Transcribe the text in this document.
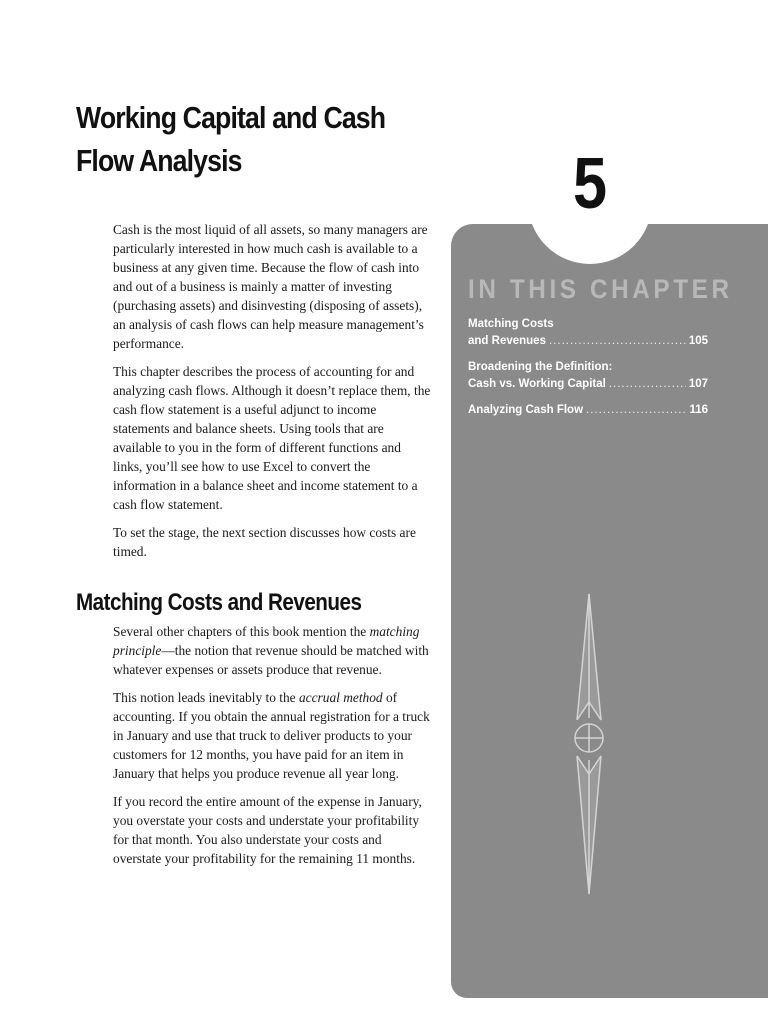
Working Capital and Cash
Flow Analysis

Cash is the most liquid of all assets, so many managers are particularly interested in how much cash is available to a business at any given time. Because the flow of cash into and out of a business is mainly a matter of investing (purchasing assets) and disinvesting (disposing of assets), an analysis of cash flows can help measure management’s performance.

This chapter describes the process of accounting for and analyzing cash flows. Although it doesn’t replace them, the cash flow statement is a useful adjunct to income statements and balance sheets. Using tools that are available to you in the form of different functions and links, you’ll see how to use Excel to convert the information in a balance sheet and income statement to a cash flow statement.

To set the stage, the next section discusses how costs are timed.

Matching Costs and Revenues

Several other chapters of this book mention the matching principle—the notion that revenue should be matched with whatever expenses or assets produce that revenue.

This notion leads inevitably to the accrual method of accounting. If you obtain the annual registration for a truck in January and use that truck to deliver products to your customers for 12 months, you have paid for an item in January that helps you produce revenue all year long.

If you record the entire amount of the expense in January, you overstate your costs and understate your profitability for that month. You also understate your costs and overstate your profitability for the remaining 11 months.

5
IN THIS CHAPTER
Matching Costs
and Revenues .....	105
Broadening the Definition:
Cash vs. Working Capital .....	107
Analyzing Cash Flow .....	116
